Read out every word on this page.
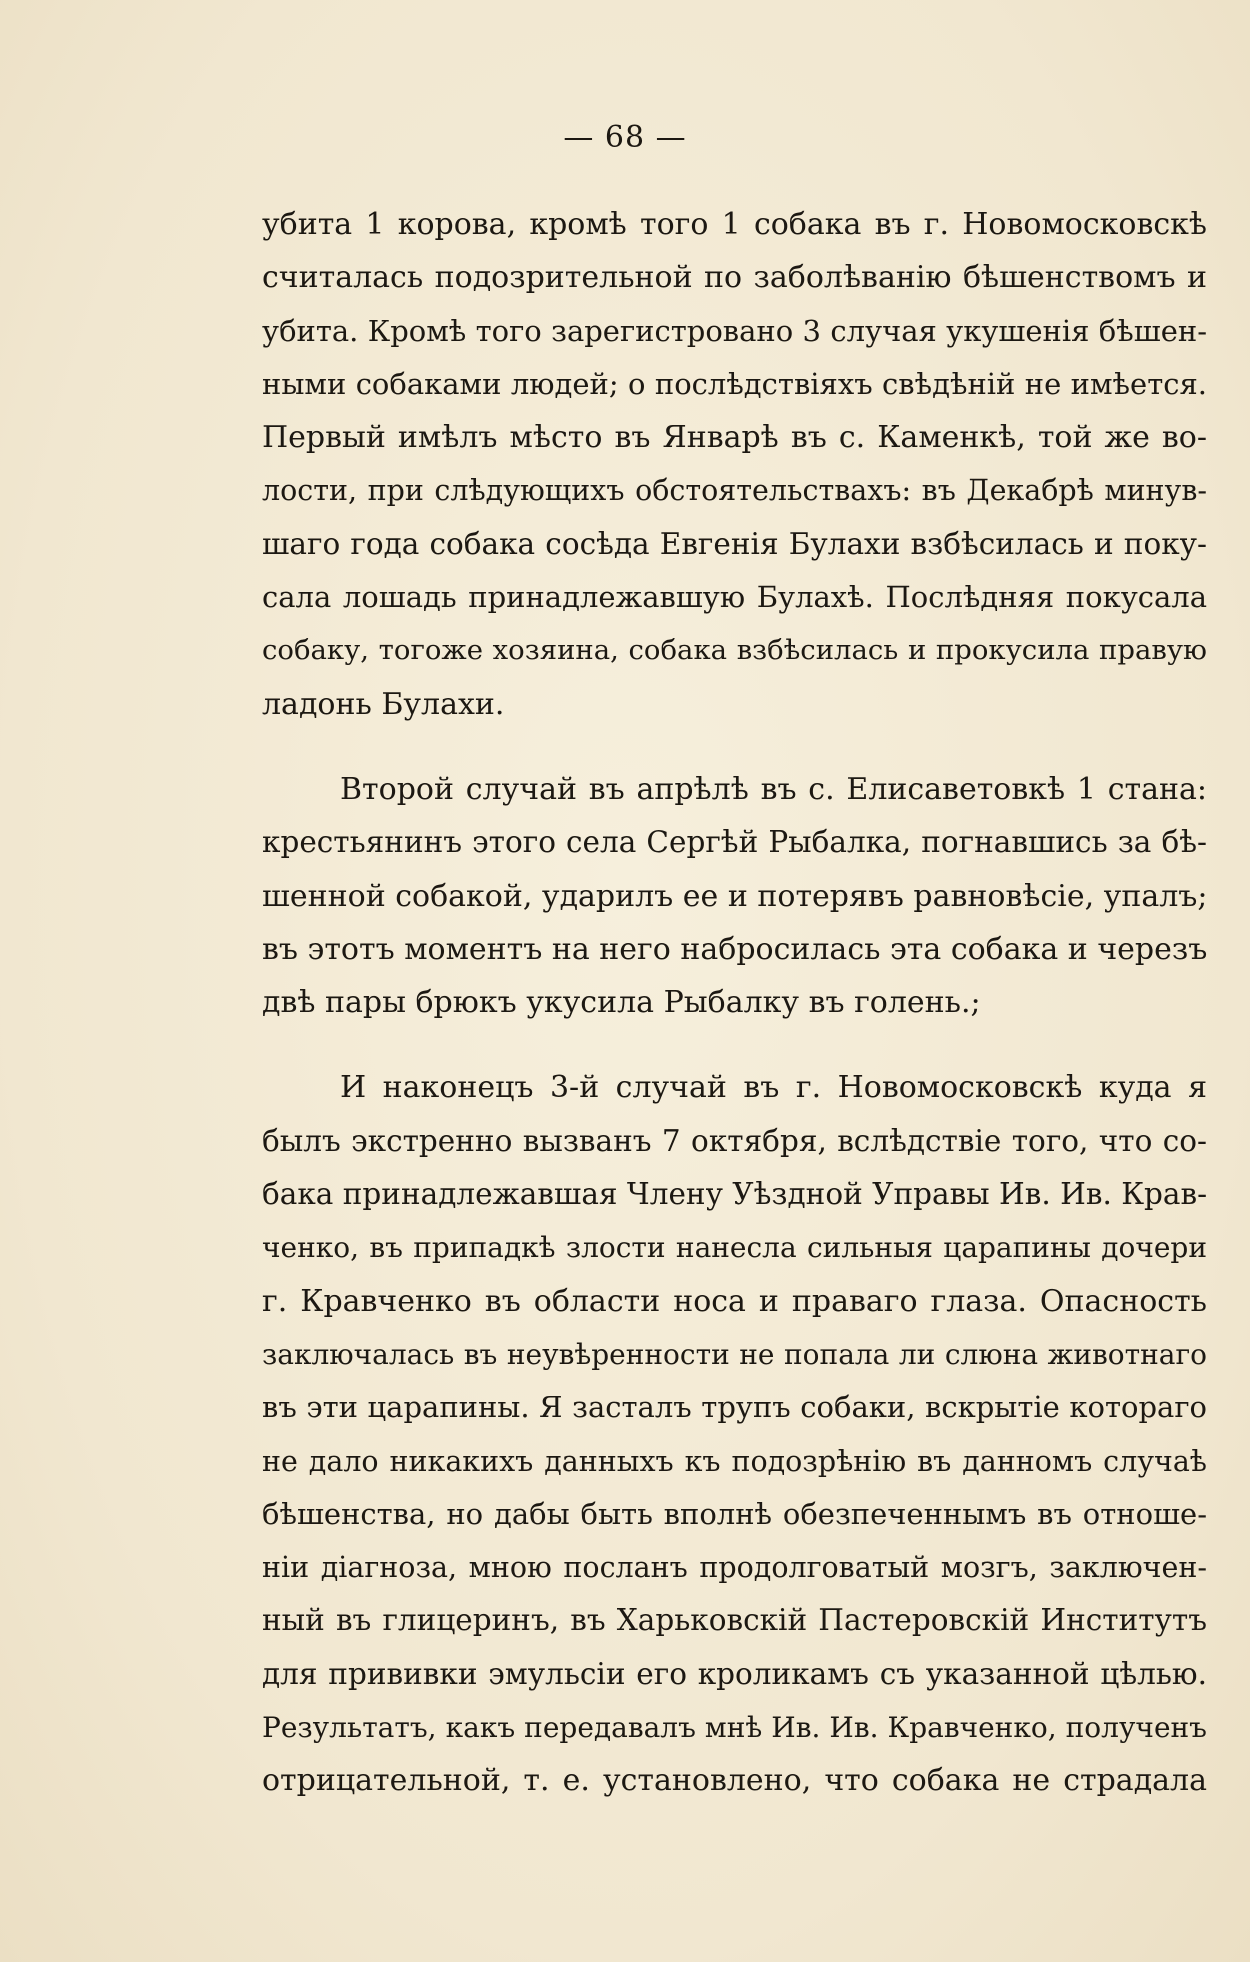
— 68 —
убита 1 корова, кромѣ того 1 собака въ г. Новомосковскѣ
считалась подозрительной по заболѣванію бѣшенствомъ и
убита. Кромѣ того зарегистровано 3 случая укушенія бѣшен-
ными собаками людей; о послѣдствіяхъ свѣдѣній не имѣется.
Первый имѣлъ мѣсто въ Январѣ въ с. Каменкѣ, той же во-
лости, при слѣдующихъ обстоятельствахъ: въ Декабрѣ минув-
шаго года собака сосѣда Евгенія Булахи взбѣсилась и поку-
сала лошадь принадлежавшую Булахѣ. Послѣдняя покусала
собаку, тогоже хозяина, собака взбѣсилась и прокусила правую
ладонь Булахи.
Второй случай въ апрѣлѣ въ с. Елисаветовкѣ 1 стана:
крестьянинъ этого села Сергѣй Рыбалка, погнавшись за бѣ-
шенной собакой, ударилъ ее и потерявъ равновѣсіе, упалъ;
въ этотъ моментъ на него набросилась эта собака и черезъ
двѣ пары брюкъ укусила Рыбалку въ голень.;
И наконецъ 3-й случай въ г. Новомосковскѣ куда я
былъ экстренно вызванъ 7 октября, вслѣдствіе того, что со-
бака принадлежавшая Члену Уѣздной Управы Ив. Ив. Крав-
ченко, въ припадкѣ злости нанесла сильныя царапины дочери
г. Кравченко въ области носа и праваго глаза. Опасность
заключалась въ неувѣренности не попала ли слюна животнаго
въ эти царапины. Я засталъ трупъ собаки, вскрытіе котораго
не дало никакихъ данныхъ къ подозрѣнію въ данномъ случаѣ
бѣшенства, но дабы быть вполнѣ обезпеченнымъ въ отноше-
ніи діагноза, мною посланъ продолговатый мозгъ, заключен-
ный въ глицеринъ, въ Харьковскій Пастеровскій Институтъ
для прививки эмульсіи его кроликамъ съ указанной цѣлью.
Результатъ, какъ передавалъ мнѣ Ив. Ив. Кравченко, полученъ
отрицательной, т. е. установлено, что собака не страдала
